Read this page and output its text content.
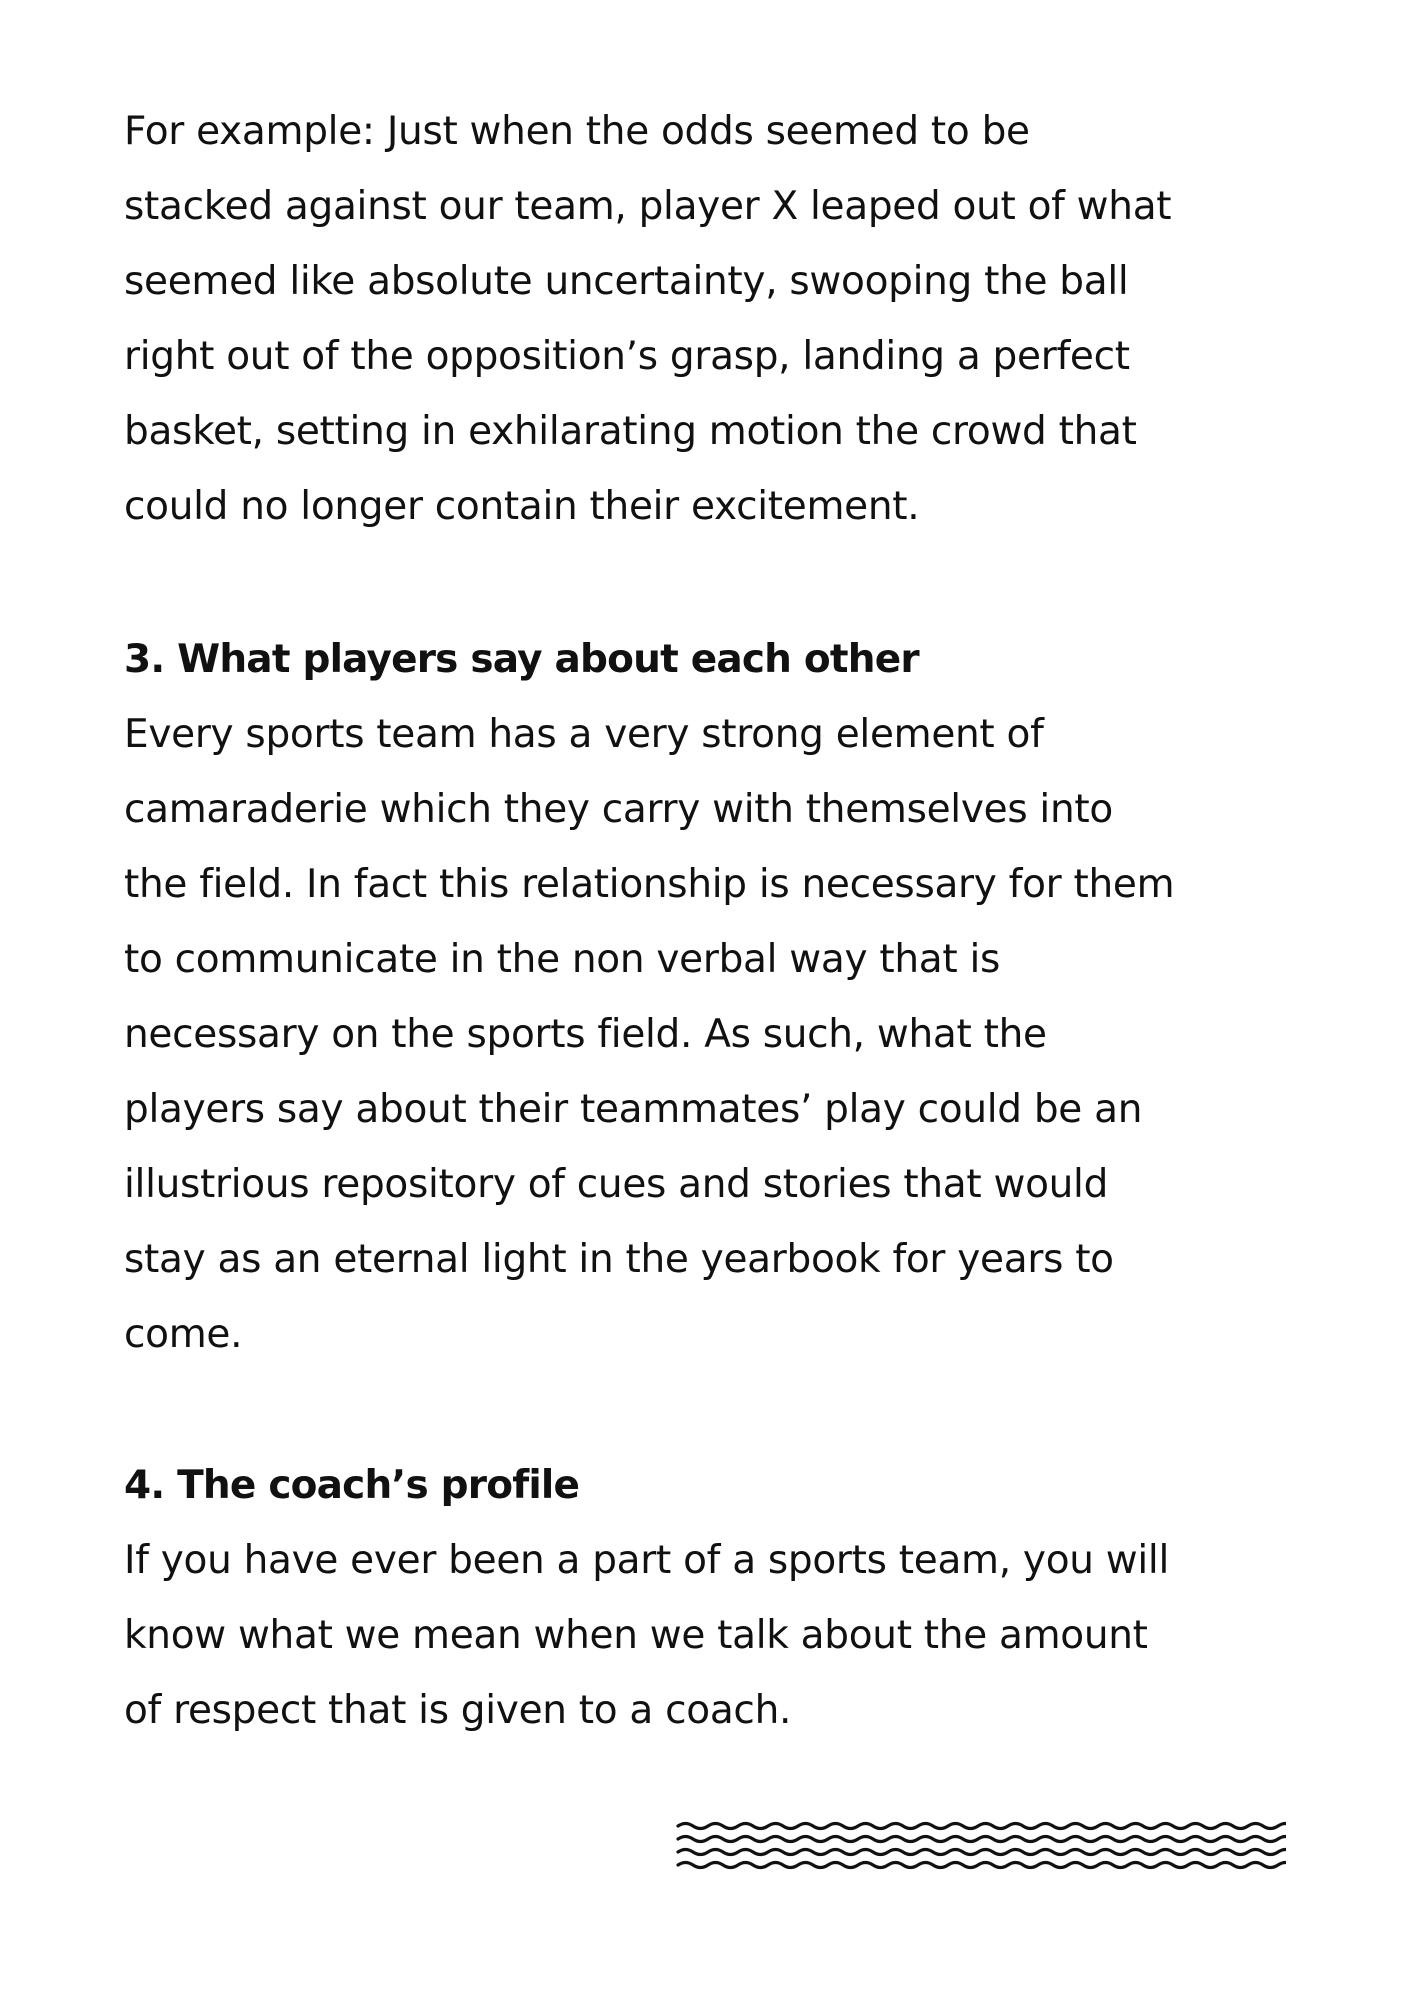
For example: Just when the odds seemed to be
stacked against our team, player X leaped out of what
seemed like absolute uncertainty, swooping the ball
right out of the opposition’s grasp, landing a perfect
basket, setting in exhilarating motion the crowd that
could no longer contain their excitement.
3. What players say about each other
Every sports team has a very strong element of
camaraderie which they carry with themselves into
the field. In fact this relationship is necessary for them
to communicate in the non verbal way that is
necessary on the sports field. As such, what the
players say about their teammates’ play could be an
illustrious repository of cues and stories that would
stay as an eternal light in the yearbook for years to
come.
4. The coach’s profile
If you have ever been a part of a sports team, you will
know what we mean when we talk about the amount
of respect that is given to a coach.
